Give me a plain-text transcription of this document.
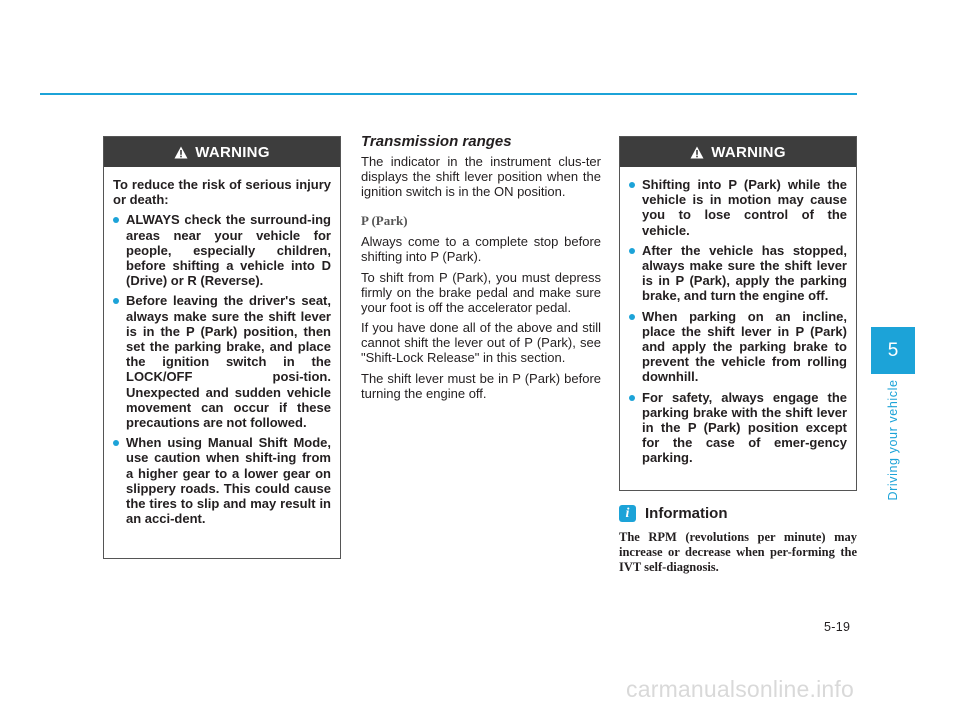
WARNING

To reduce the risk of serious injury or death:

ALWAYS check the surround-ing areas near your vehicle for people, especially children, before shifting a vehicle into D (Drive) or R (Reverse).
Before leaving the driver's seat, always make sure the shift lever is in the P (Park) position, then set the parking brake, and place the ignition switch in the LOCK/OFF posi-tion. Unexpected and sudden vehicle movement can occur if these precautions are not followed.
When using Manual Shift Mode, use caution when shift-ing from a higher gear to a lower gear on slippery roads. This could cause the tires to slip and may result in an acci-dent.
Transmission ranges

The indicator in the instrument clus-ter displays the shift lever position when the ignition switch is in the ON position.

P (Park)

Always come to a complete stop before shifting into P (Park).

To shift from P (Park), you must depress firmly on the brake pedal and make sure your foot is off the accelerator pedal.

If you have done all of the above and still cannot shift the lever out of P (Park), see "Shift-Lock Release" in this section.

The shift lever must be in P (Park) before turning the engine off.

WARNING
Shifting into P (Park) while the vehicle is in motion may cause you to lose control of the vehicle.
After the vehicle has stopped, always make sure the shift lever is in P (Park), apply the parking brake, and turn the engine off.
When parking on an incline, place the shift lever in P (Park) and apply the parking brake to prevent the vehicle from rolling downhill.
For safety, always engage the parking brake with the shift lever in the P (Park) position except for the case of emer-gency parking.
i	Information

The RPM (revolutions per minute) may increase or decrease when per-forming the IVT self-diagnosis.

5
Driving your vehicle
5-19
carmanualsonline.info
